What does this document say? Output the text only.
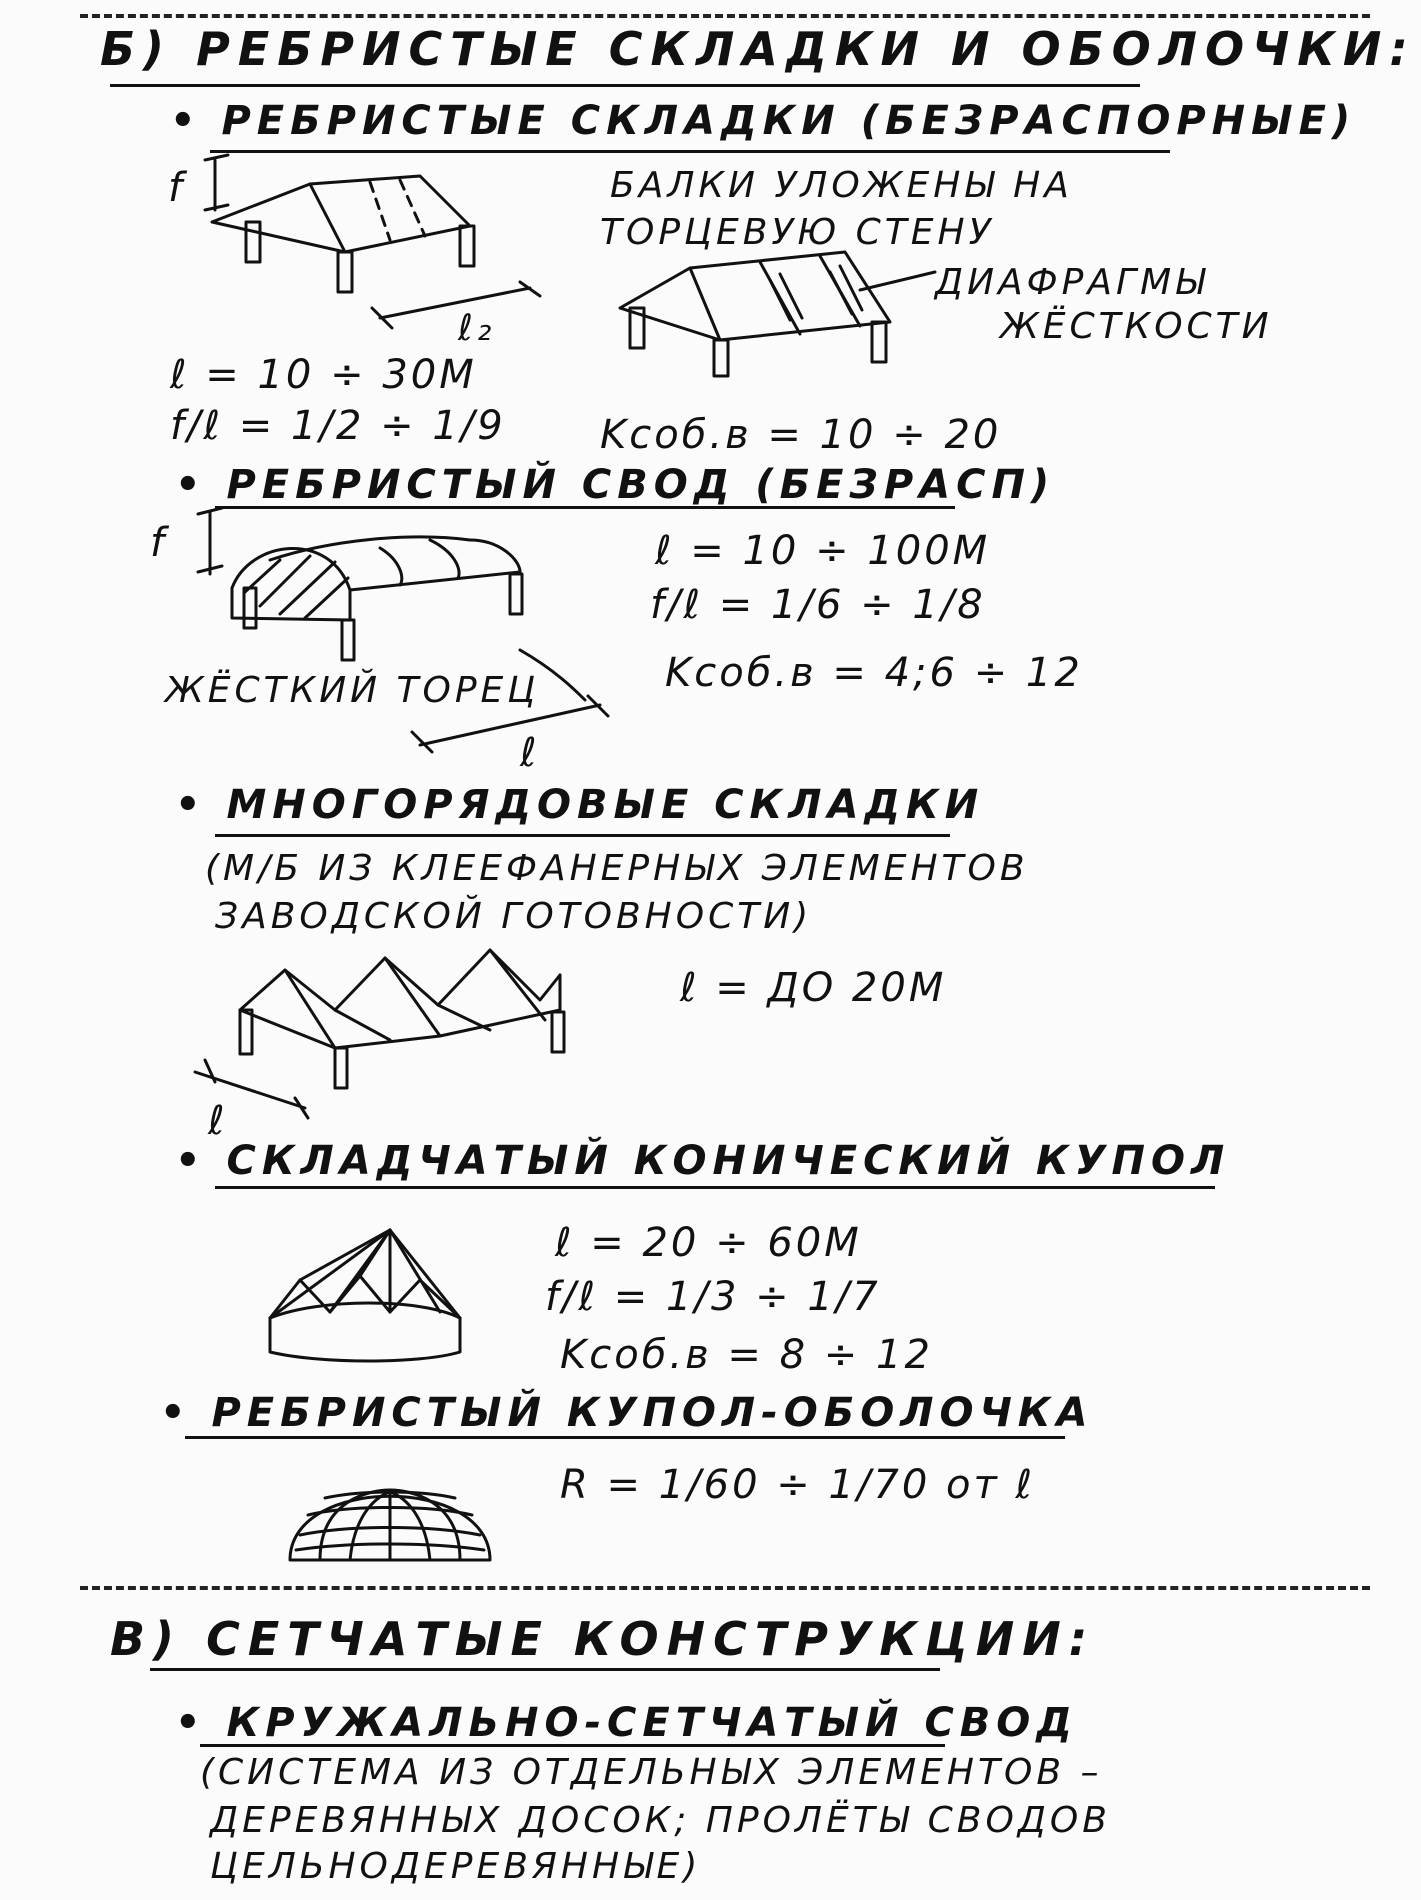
Б) РЕБРИСТЫЕ СКЛАДКИ И ОБОЛОЧКИ:
• РЕБРИСТЫЕ СКЛАДКИ (БЕЗРАСПОРНЫЕ)
БАЛКИ УЛОЖЕНЫ НА
ТОРЦЕВУЮ СТЕНУ
ДИАФРАГМЫ
ЖЁСТКОСТИ
ℓ = 10 ÷ 30М
f/ℓ = 1/2 ÷ 1/9 Kсоб.в = 10 ÷ 20
f
ℓ₂
• РЕБРИСТЫЙ СВОД (БЕЗРАСП)
ℓ = 10 ÷ 100М
f/ℓ = 1/6 ÷ 1/8
Kсоб.в = 4;6 ÷ 12
ЖЁСТКИЙ ТОРЕЦ
f
ℓ
• МНОГОРЯДОВЫЕ СКЛАДКИ
(М/Б ИЗ КЛЕЕФАНЕРНЫХ ЭЛЕМЕНТОВ
ЗАВОДСКОЙ ГОТОВНОСТИ)
ℓ = ДО 20М
ℓ
• СКЛАДЧАТЫЙ КОНИЧЕСКИЙ КУПОЛ
ℓ = 20 ÷ 60М
f/ℓ = 1/3 ÷ 1/7
Kсоб.в = 8 ÷ 12
• РЕБРИСТЫЙ КУПОЛ-ОБОЛОЧКА
R = 1/60 ÷ 1/70 от ℓ
В) СЕТЧАТЫЕ КОНСТРУКЦИИ:
• КРУЖАЛЬНО-СЕТЧАТЫЙ СВОД
(СИСТЕМА ИЗ ОТДЕЛЬНЫХ ЭЛЕМЕНТОВ –
ДЕРЕВЯННЫХ ДОСОК; ПРОЛЁТЫ СВОДОВ
ЦЕЛЬНОДЕРЕВЯННЫЕ)
